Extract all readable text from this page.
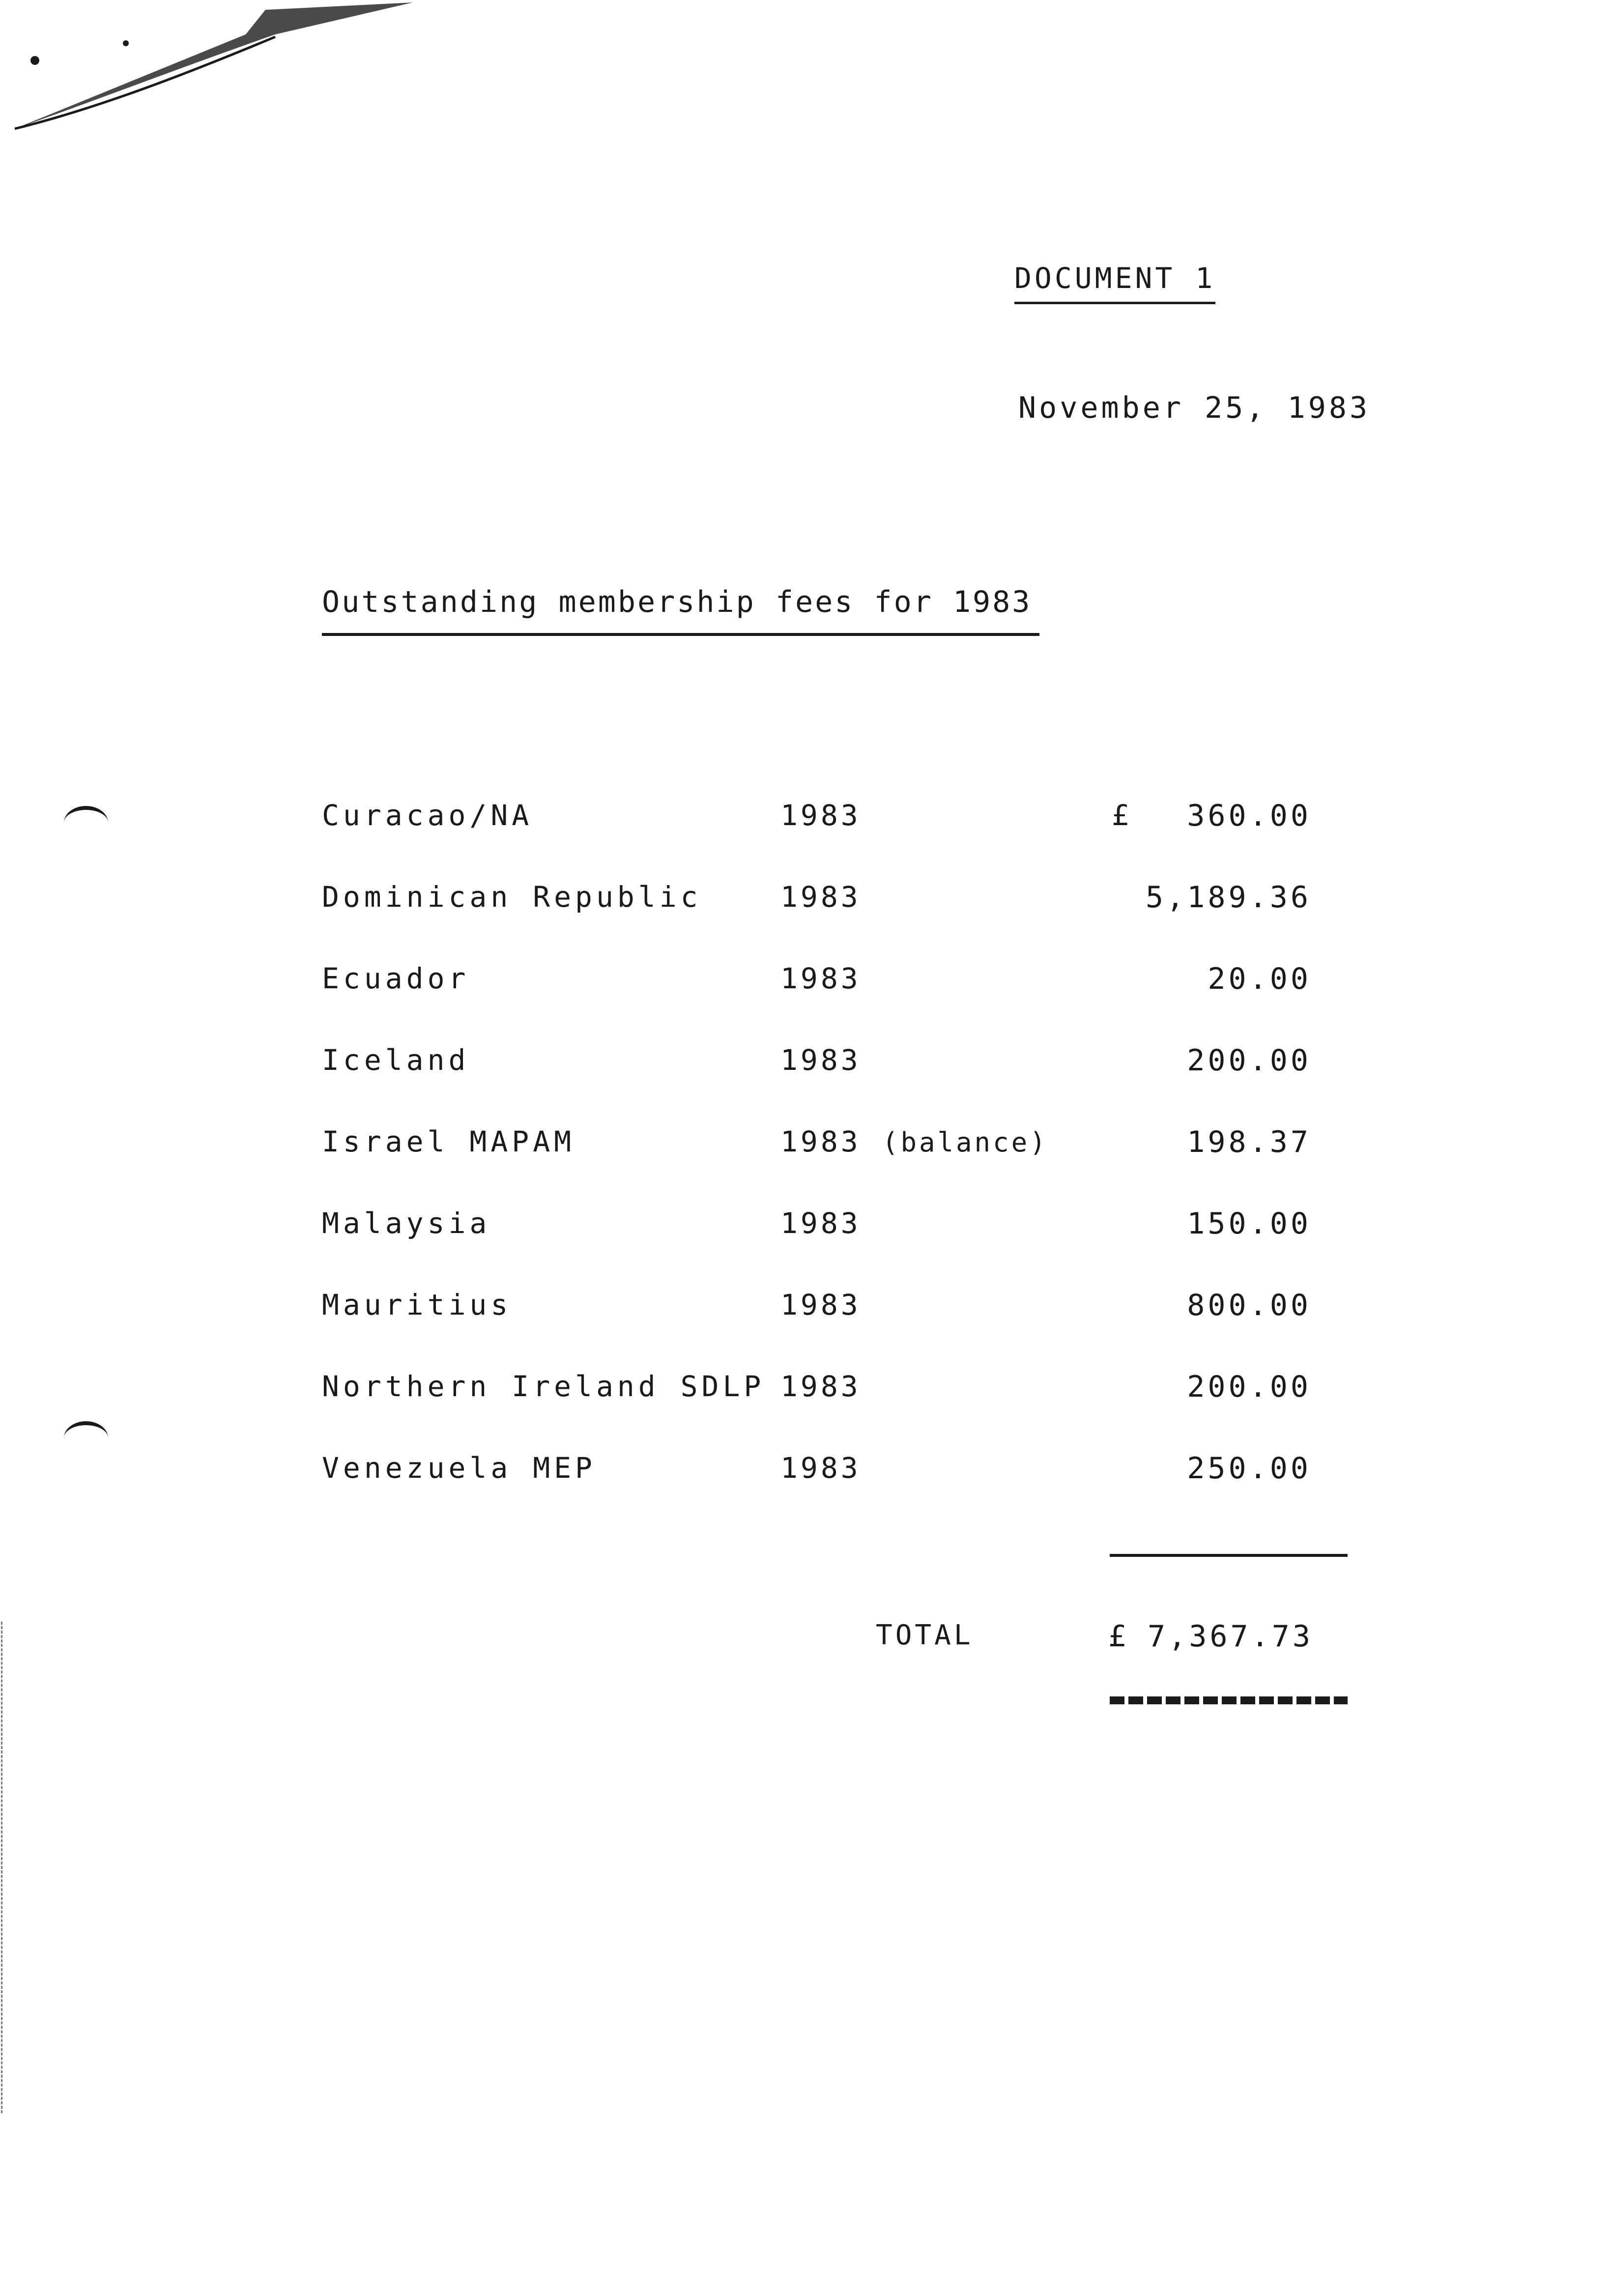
DOCUMENT 1
November 25, 1983
Outstanding membership fees for 1983
Curacao/NA	1983	£ 360.00
Dominican Republic	1983	5,189.36
Ecuador	1983	20.00
Iceland	1983	200.00
Israel MAPAM	1983 (balance)	198.37
Malaysia	1983	150.00
Mauritius	1983	800.00
Northern Ireland SDLP 1983	200.00
Venezuela MEP	1983	250.00
TOTAL	£ 7,367.73
